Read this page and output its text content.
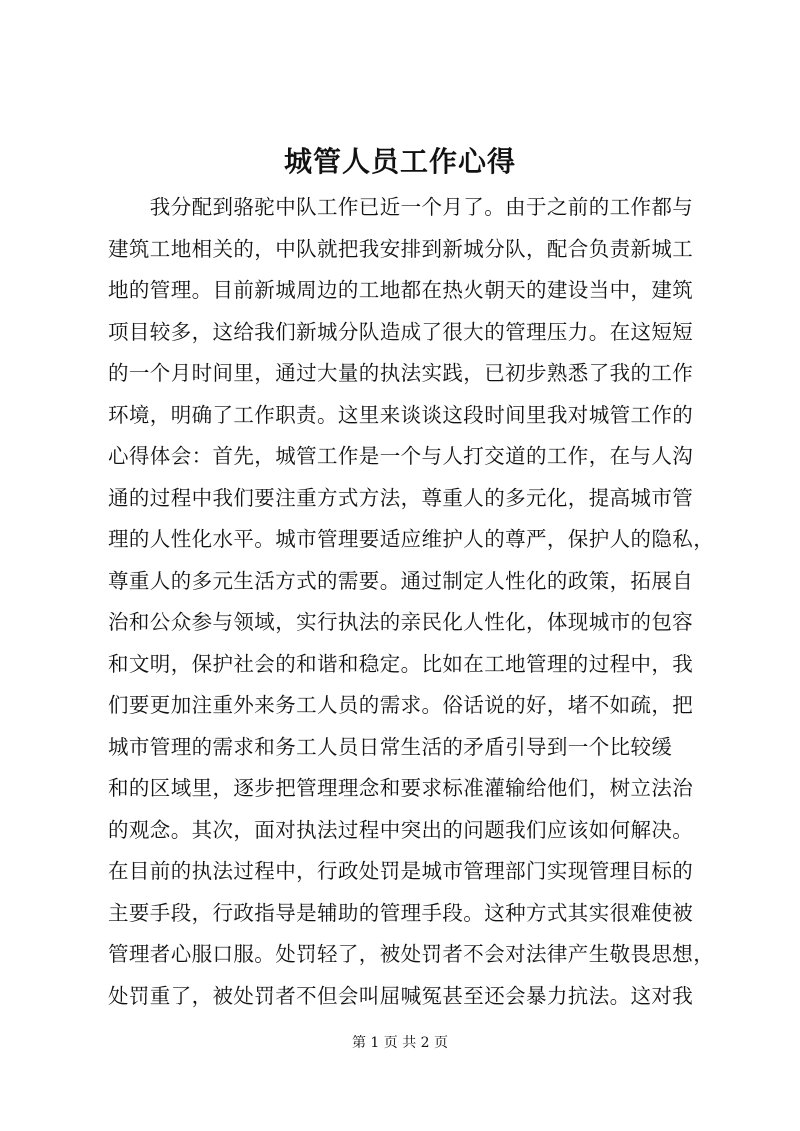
城管人员工作心得
　　我分配到骆驼中队工作已近一个月了。由于之前的工作都与
建筑工地相关的，中队就把我安排到新城分队，配合负责新城工
地的管理。目前新城周边的工地都在热火朝天的建设当中，建筑
项目较多，这给我们新城分队造成了很大的管理压力。在这短短
的一个月时间里，通过大量的执法实践，已初步熟悉了我的工作
环境，明确了工作职责。这里来谈谈这段时间里我对城管工作的
心得体会：首先，城管工作是一个与人打交道的工作，在与人沟
通的过程中我们要注重方式方法，尊重人的多元化，提高城市管
理的人性化水平。城市管理要适应维护人的尊严，保护人的隐私，
尊重人的多元生活方式的需要。通过制定人性化的政策，拓展自
治和公众参与领域，实行执法的亲民化人性化，体现城市的包容
和文明，保护社会的和谐和稳定。比如在工地管理的过程中，我
们要更加注重外来务工人员的需求。俗话说的好，堵不如疏，把
城市管理的需求和务工人员日常生活的矛盾引导到一个比较缓
和的区域里，逐步把管理理念和要求标准灌输给他们，树立法治
的观念。其次，面对执法过程中突出的问题我们应该如何解决。
在目前的执法过程中，行政处罚是城市管理部门实现管理目标的
主要手段，行政指导是辅助的管理手段。这种方式其实很难使被
管理者心服口服。处罚轻了，被处罚者不会对法律产生敬畏思想，
处罚重了，被处罚者不但会叫屈喊冤甚至还会暴力抗法。这对我
第 1 页 共 2 页
